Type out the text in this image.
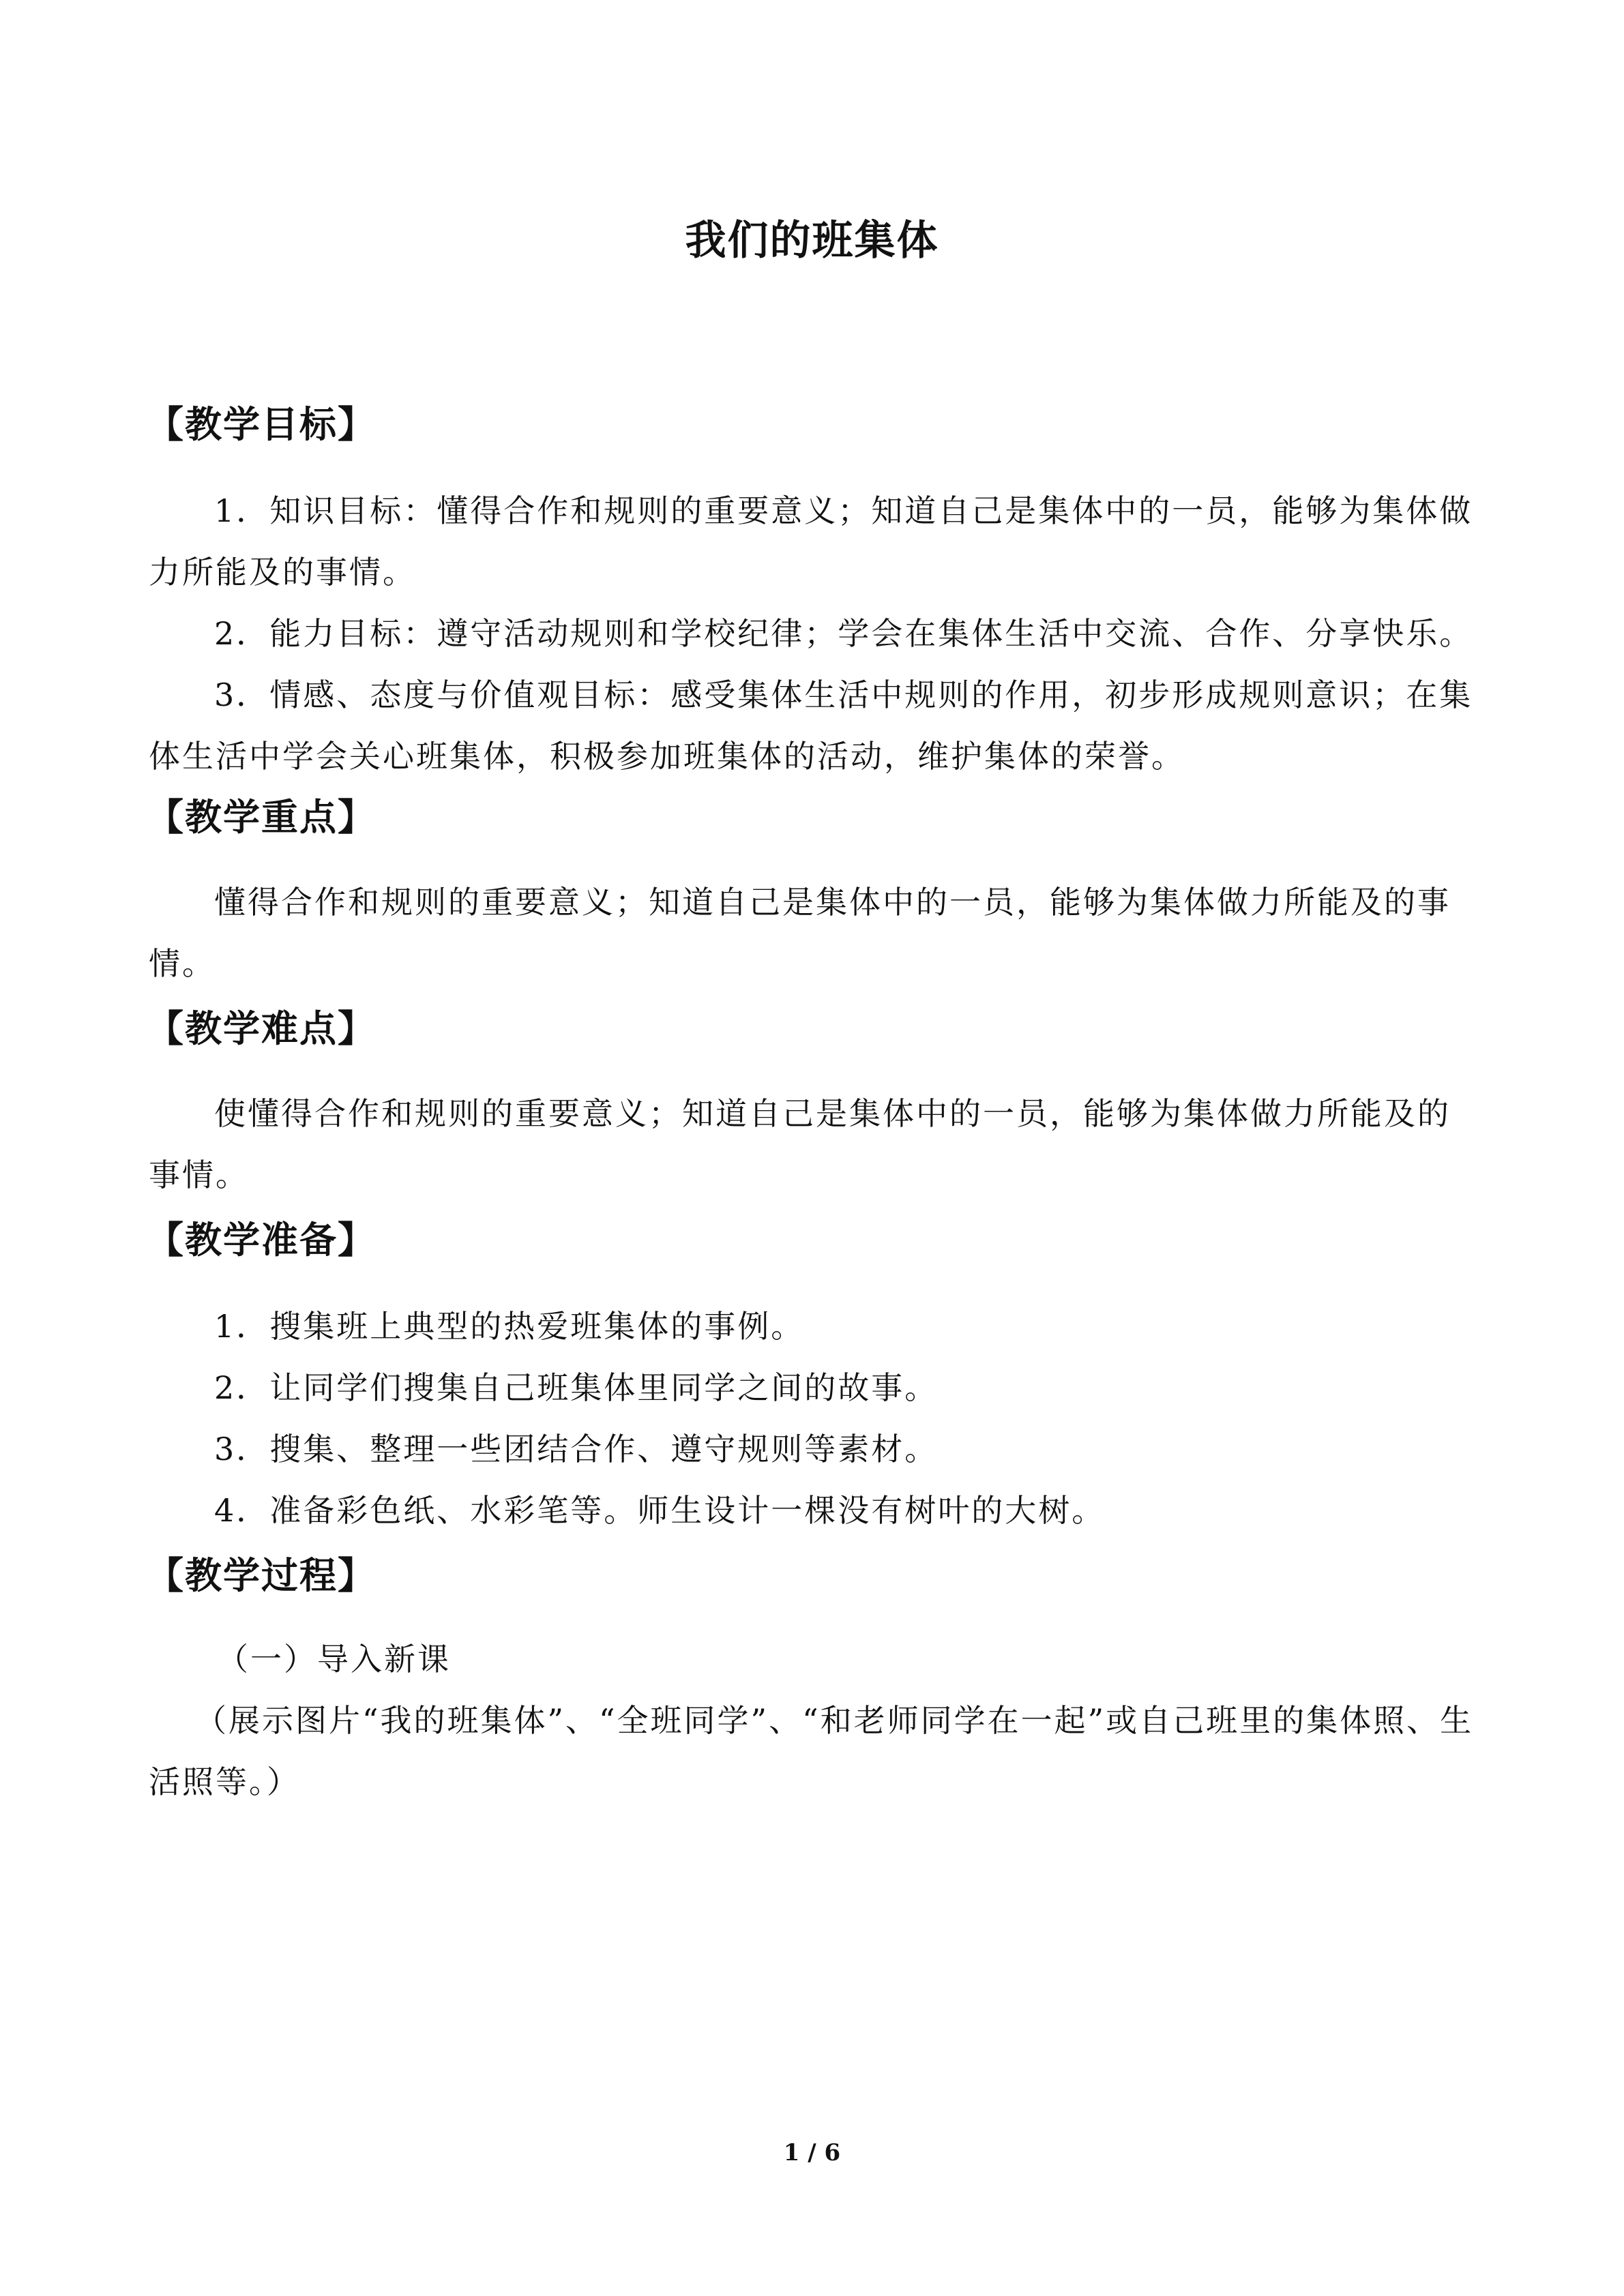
我们的班集体
【教学目标】

1．知识目标：懂得合作和规则的重要意义；知道自己是集体中的一员，能够为集体做力所能及的事情。

2．能力目标：遵守活动规则和学校纪律；学会在集体生活中交流、合作、分享快乐。

3．情感、态度与价值观目标：感受集体生活中规则的作用，初步形成规则意识；在集体生活中学会关心班集体，积极参加班集体的活动，维护集体的荣誉。

【教学重点】

懂得合作和规则的重要意义；知道自己是集体中的一员，能够为集体做力所能及的事情。

【教学难点】

使懂得合作和规则的重要意义；知道自己是集体中的一员，能够为集体做力所能及的事情。

【教学准备】

1．搜集班上典型的热爱班集体的事例。

2．让同学们搜集自己班集体里同学之间的故事。

3．搜集、整理一些团结合作、遵守规则等素材。

4．准备彩色纸、水彩笔等。师生设计一棵没有树叶的大树。

【教学过程】

（一）导入新课

（展示图片“我的班集体”、“全班同学”、“和老师同学在一起”或自己班里的集体照、生活照等。）

1 / 6
